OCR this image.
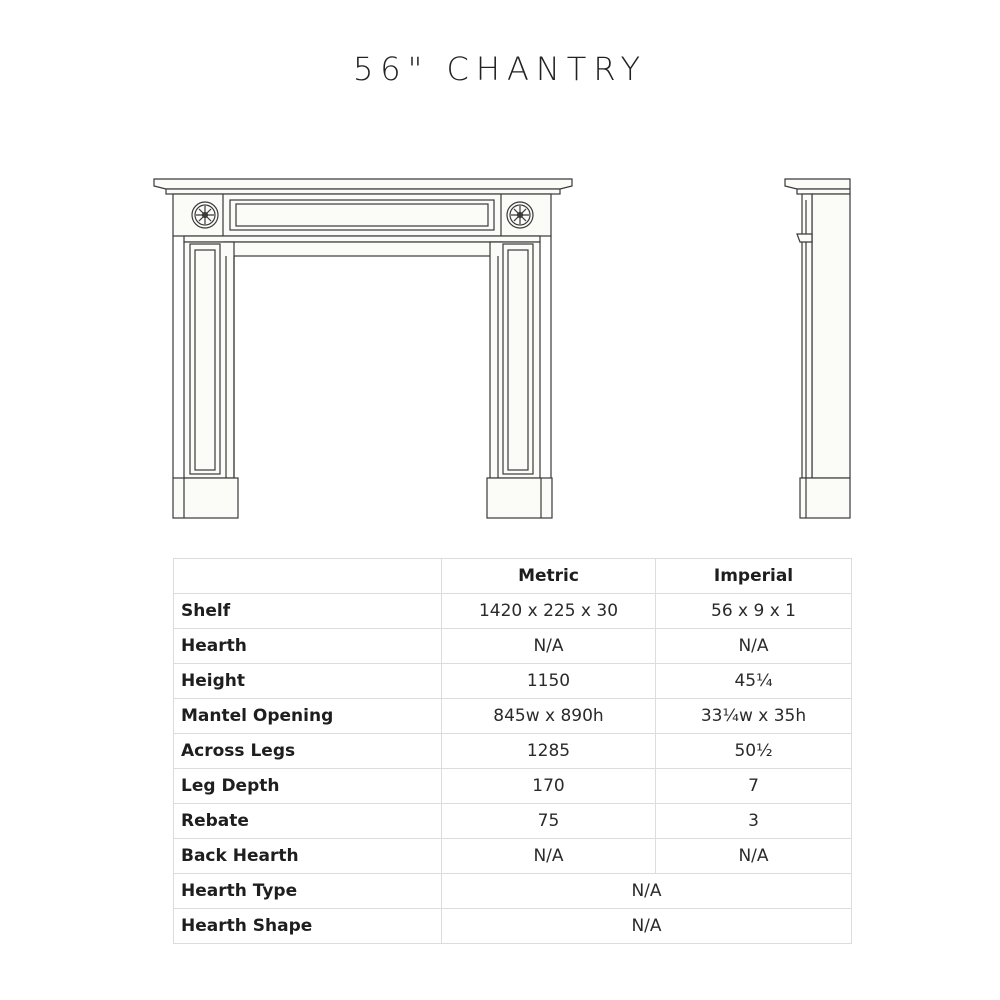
56" CHANTRY
	Metric	Imperial
Shelf	1420 x 225 x 30	56 x 9 x 1
Hearth	N/A	N/A
Height	1150	45¼
Mantel Opening	845w x 890h	33¼w x 35h
Across Legs	1285	50½
Leg Depth	170	7
Rebate	75	3
Back Hearth	N/A	N/A
Hearth Type	N/A	
Hearth Shape	N/A	
